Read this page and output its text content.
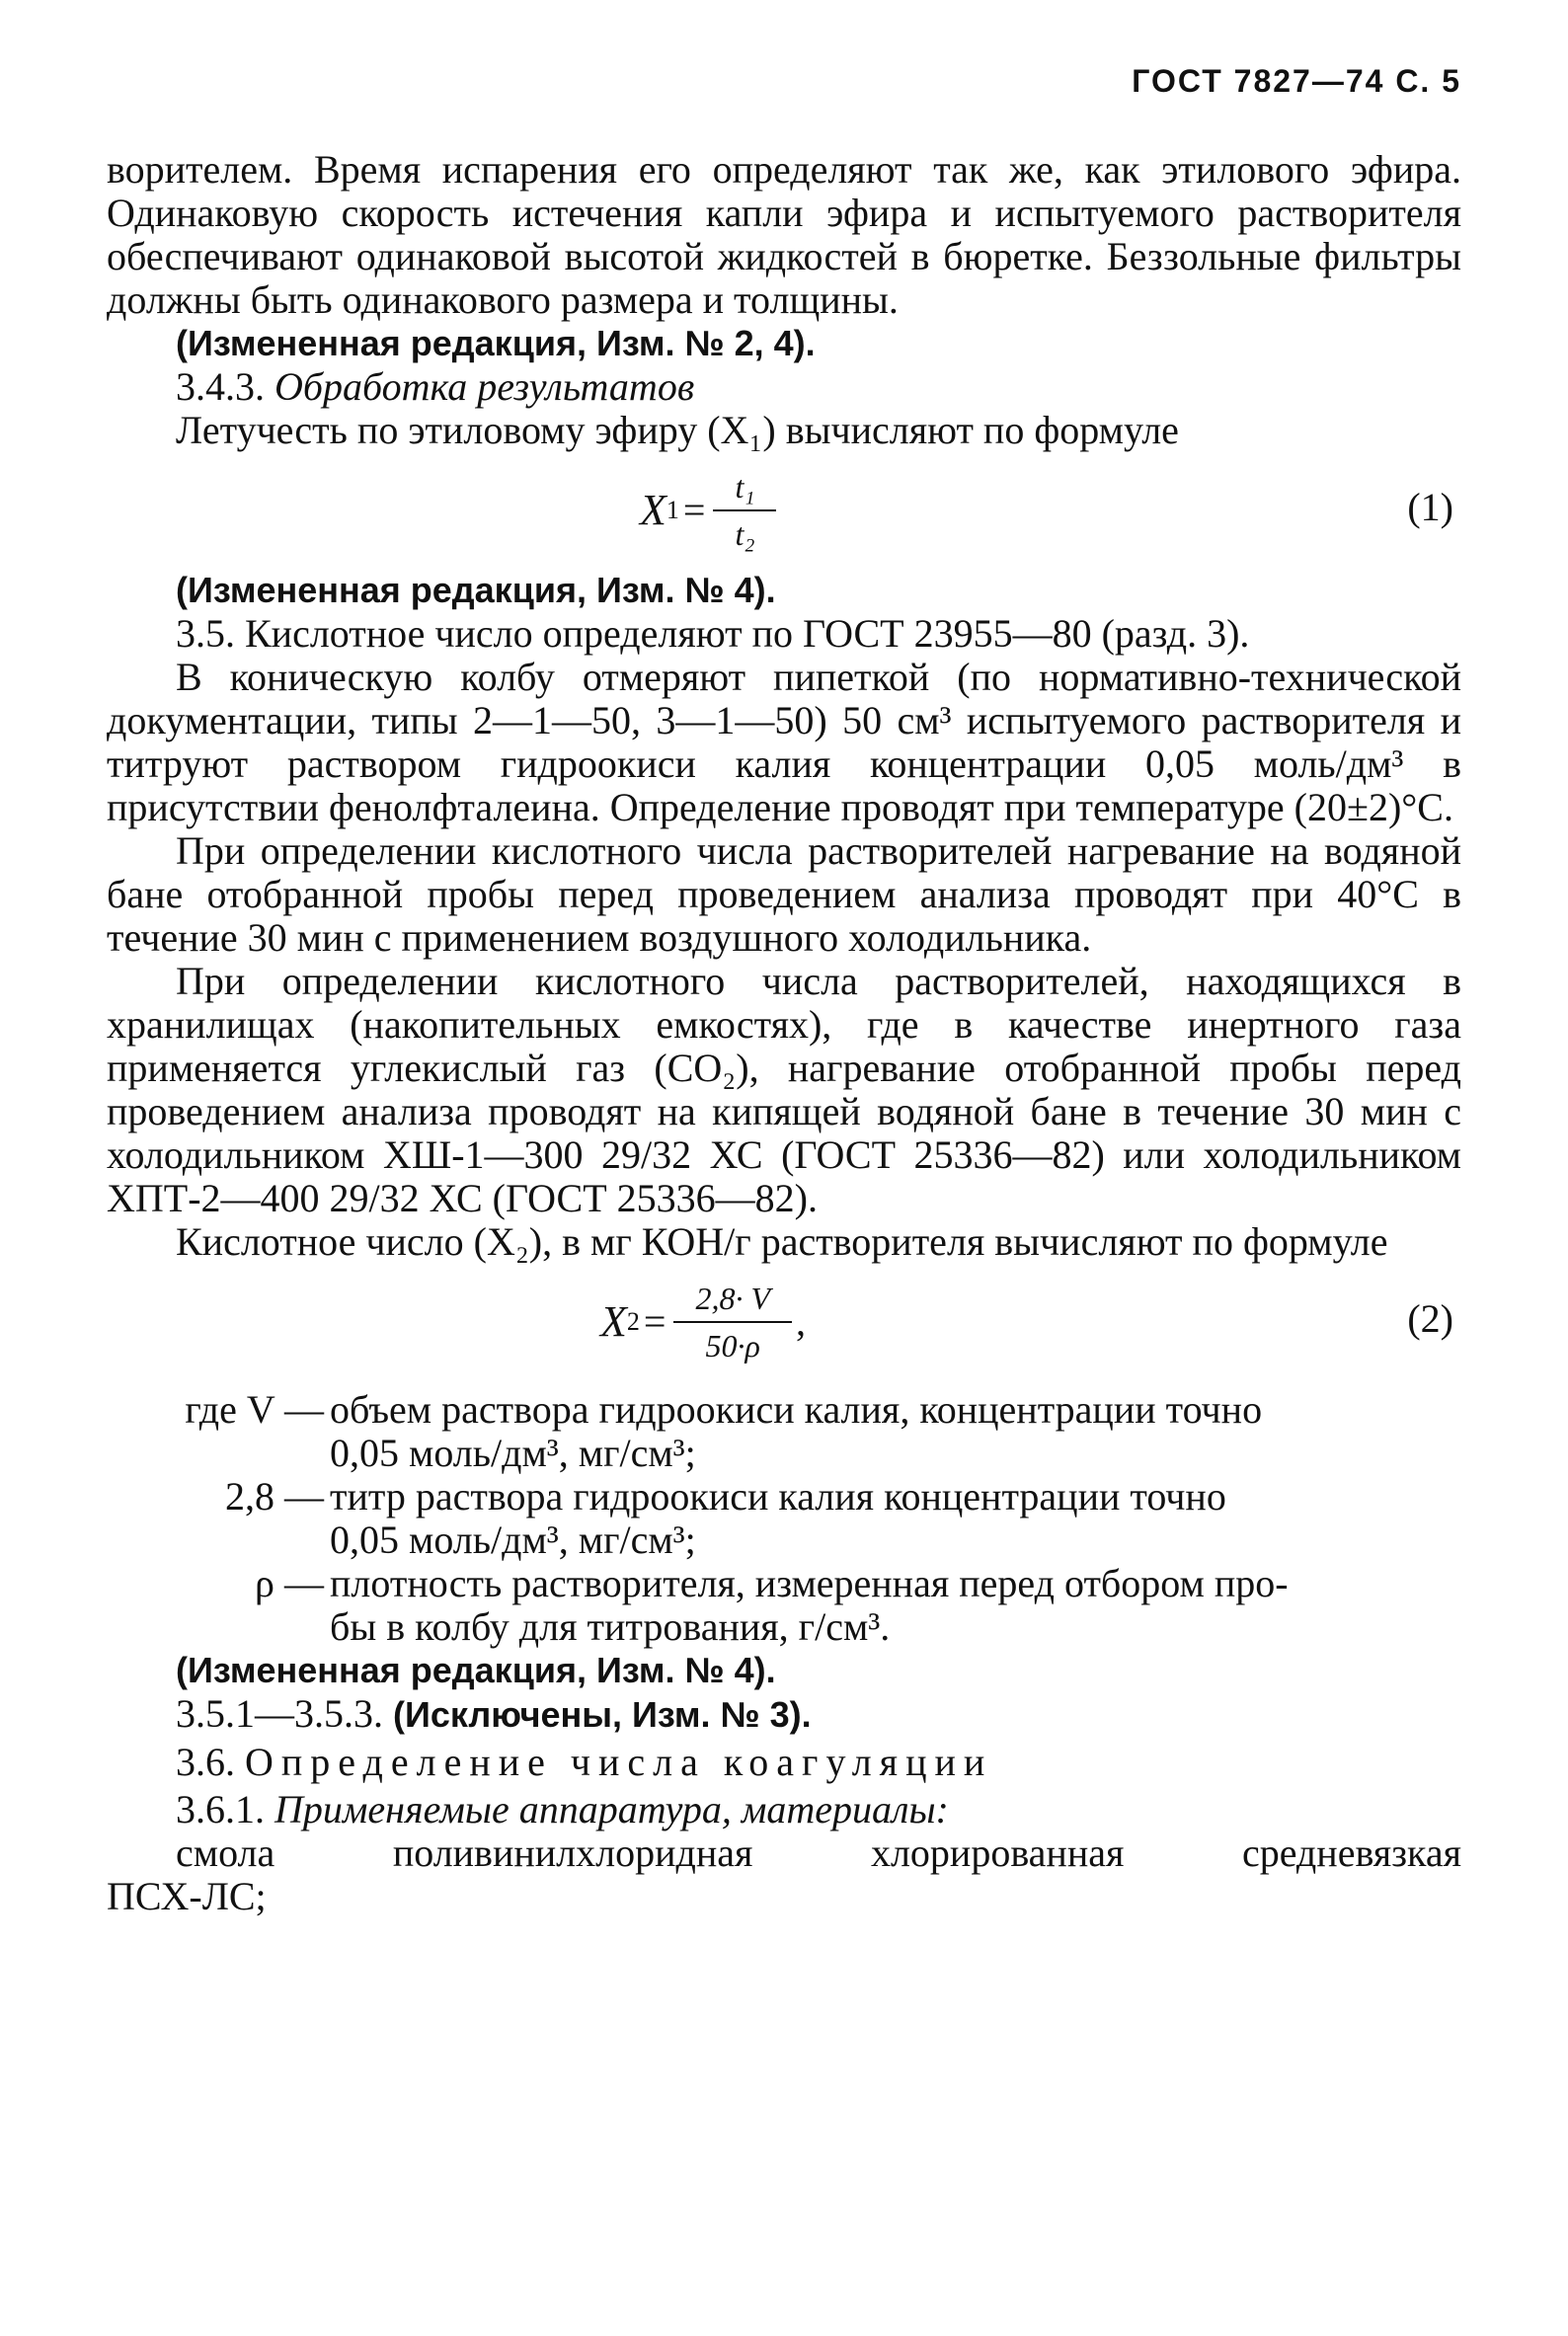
ГОСТ 7827—74 С. 5

ворителем. Время испарения его определяют так же, как этилового эфира. Одинаковую скорость истечения капли эфира и испытуемого растворителя обеспечивают одинаковой высотой жидкостей в бюретке. Беззольные фильтры должны быть одинакового размера и толщины.

(Измененная редакция, Изм. № 2, 4).

3.4.3. Обработка результатов

Летучесть по этиловому эфиру (X₁) вычисляют по формуле

X $1 = \frac{\text{t₁}}{\text{t₂}}$	(1)

(Измененная редакция, Изм. № 4).

3.5. Кислотное число определяют по ГОСТ 23955—80 (разд. 3).

В коническую колбу отмеряют пипеткой (по нормативно-технической документации, типы 2—1—50, 3—1—50) 50 см³ испытуемого растворителя и титруют раствором гидроокиси калия концентрации 0,05 моль/дм³ в присутствии фенолфталеина. Определение проводят при температуре (20±2)°С.

При определении кислотного числа растворителей нагревание на водяной бане отобранной пробы перед проведением анализа проводят при 40°С в течение 30 мин с применением воздушного холодильника.

При определении кислотного числа растворителей, находящихся в хранилищах (накопительных емкостях), где в качестве инертного газа применяется углекислый газ (СО₂), нагревание отобранной пробы перед проведением анализа проводят на кипящей водяной бане в течение 30 мин с холодильником ХШ-1—300 29/32 ХС (ГОСТ 25336—82) или холодильником ХПТ-2—400 29/32 ХС (ГОСТ 25336—82).

Кислотное число (X₂), в мг КОН/г растворителя вычисляют по формуле

X $2 = \frac{2,8\cdot V}{50\cdot\rho}$ ,	(2)
где V — объем раствора гидроокиси калия, концентрации точно
0,05 моль/дм³, мг/см³;
2,8 — титр раствора гидроокиси калия концентрации точно
0,05 моль/дм³, мг/см³;
ρ — плотность растворителя, измеренная перед отбором про-
бы в колбу для титрования, г/см³.

(Измененная редакция, Изм. № 4).

3.5.1—3.5.3. (Исключены, Изм. № 3).

3.6. Определение числа коагуляции

3.6.1. Применяемые аппаратура, материалы:

смола	поливинилхлоридная	хлорированная	средневязкая

ПСХ-ЛС;
